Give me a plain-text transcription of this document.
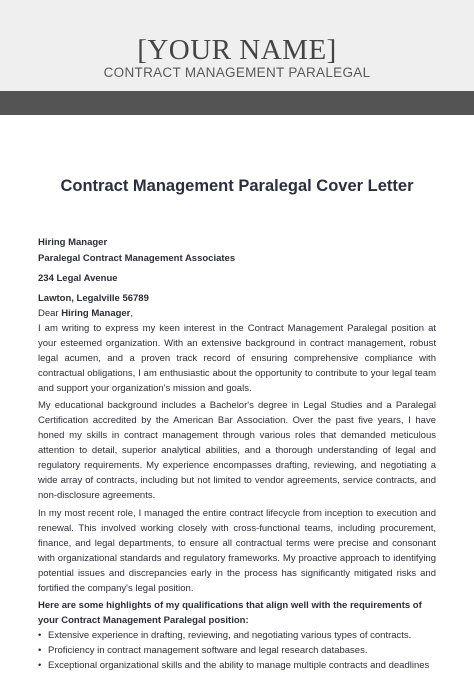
[YOUR NAME]
CONTRACT MANAGEMENT PARALEGAL
Contract Management Paralegal Cover Letter
Hiring Manager
Paralegal Contract Management Associates
234 Legal Avenue
Lawton, Legalville 56789
Dear Hiring Manager,
I am writing to express my keen interest in the Contract Management Paralegal position at your esteemed organization. With an extensive background in contract management, robust legal acumen, and a proven track record of ensuring comprehensive compliance with contractual obligations, I am enthusiastic about the opportunity to contribute to your legal team and support your organization's mission and goals.
My educational background includes a Bachelor's degree in Legal Studies and a Paralegal Certification accredited by the American Bar Association. Over the past five years, I have honed my skills in contract management through various roles that demanded meticulous attention to detail, superior analytical abilities, and a thorough understanding of legal and regulatory requirements. My experience encompasses drafting, reviewing, and negotiating a wide array of contracts, including but not limited to vendor agreements, service contracts, and non-disclosure agreements.
In my most recent role, I managed the entire contract lifecycle from inception to execution and renewal. This involved working closely with cross-functional teams, including procurement, finance, and legal departments, to ensure all contractual terms were precise and consonant with organizational standards and regulatory frameworks. My proactive approach to identifying potential issues and discrepancies early in the process has significantly mitigated risks and fortified the company's legal position.
Here are some highlights of my qualifications that align well with the requirements of your Contract Management Paralegal position:
• Extensive experience in drafting, reviewing, and negotiating various types of contracts.
• Proficiency in contract management software and legal research databases.
• Exceptional organizational skills and the ability to manage multiple contracts and deadlines
